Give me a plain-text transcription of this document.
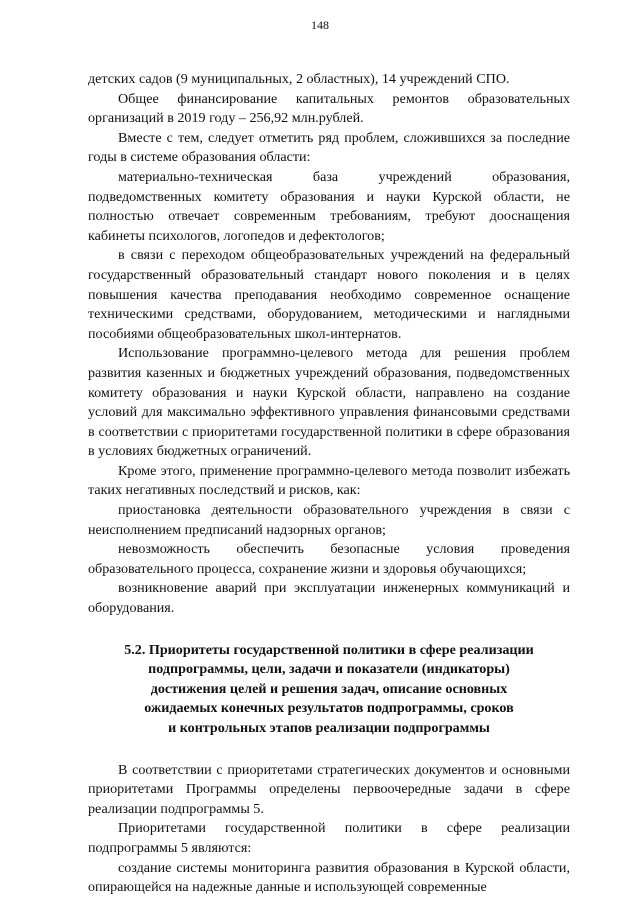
148

детских садов (9 муниципальных, 2 областных), 14 учреждений СПО.

Общее финансирование капитальных ремонтов образовательных организаций в 2019 году – 256,92 млн.рублей.

Вместе с тем, следует отметить ряд проблем, сложившихся за последние годы в системе образования области:

материально-техническая база учреждений образования, подведомственных комитету образования и науки Курской области, не полностью отвечает современным требованиям, требуют дооснащения кабинеты психологов, логопедов и дефектологов;

в связи с переходом общеобразовательных учреждений на федеральный государственный образовательный стандарт нового поколения и в целях повышения качества преподавания необходимо современное оснащение техническими средствами, оборудованием, методическими и наглядными пособиями общеобразовательных школ-интернатов.

Использование программно-целевого метода для решения проблем развития казенных и бюджетных учреждений образования, подведомственных комитету образования и науки Курской области, направлено на создание условий для максимально эффективного управления финансовыми средствами в соответствии с приоритетами государственной политики в сфере образования в условиях бюджетных ограничений.

Кроме этого, применение программно-целевого метода позволит избежать таких негативных последствий и рисков, как:

приостановка деятельности образовательного учреждения в связи с неисполнением предписаний надзорных органов;

невозможность обеспечить безопасные условия проведения образовательного процесса, сохранение жизни и здоровья обучающихся;

возникновение аварий при эксплуатации инженерных коммуникаций и оборудования.

5.2. Приоритеты государственной политики в сфере реализации
подпрограммы, цели, задачи и показатели (индикаторы)
достижения целей и решения задач, описание основных
ожидаемых конечных результатов подпрограммы, сроков
и контрольных этапов реализации подпрограммы

В соответствии с приоритетами стратегических документов и основными приоритетами Программы определены первоочередные задачи в сфере реализации подпрограммы 5.

Приоритетами государственной политики в сфере реализации подпрограммы 5 являются:

создание системы мониторинга развития образования в Курской области, опирающейся на надежные данные и использующей современные
